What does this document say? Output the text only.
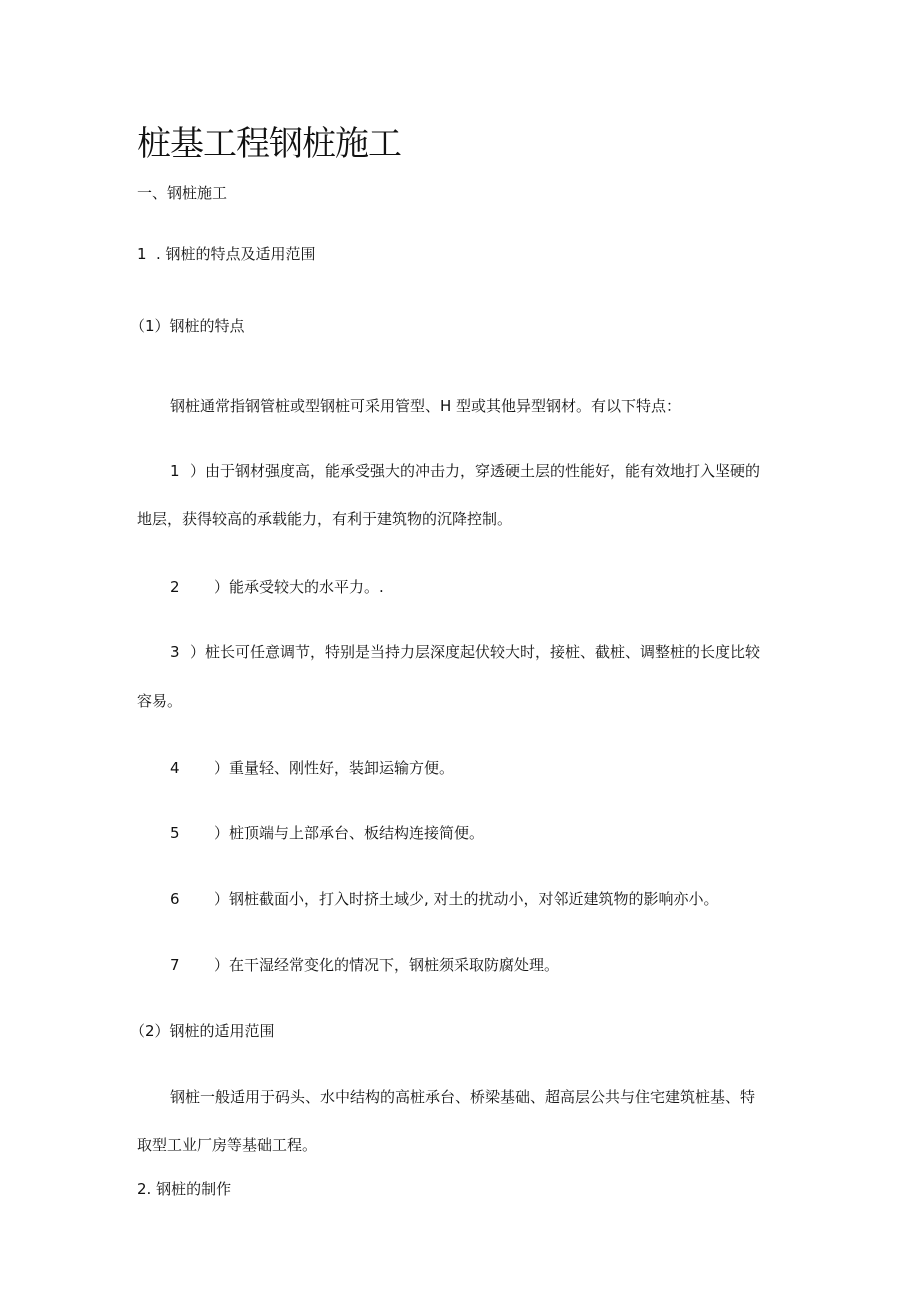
桩基工程钢桩施工
一、钢桩施工
1 . 钢桩的特点及适用范围
（1）钢桩的特点
钢桩通常指钢管桩或型钢桩可采用管型、H 型或其他异型钢材。有以下特点：
1 ）由于钢材强度高，能承受强大的冲击力，穿透硬土层的性能好，能有效地打入坚硬的
地层，获得较高的承载能力，有利于建筑物的沉降控制。
2 ）能承受较大的水平力。.
3 ）桩长可任意调节，特别是当持力层深度起伏较大时，接桩、截桩、调整桩的长度比较
容易。
4 ）重量轻、刚性好，装卸运输方便。
5 ）桩顶端与上部承台、板结构连接简便。
6 ）钢桩截面小，打入时挤土域少, 对土的扰动小，对邻近建筑物的影响亦小。
7 ）在干湿经常变化的情况下，钢桩须采取防腐处理。
（2）钢桩的适用范围
钢桩一般适用于码头、水中结构的高桩承台、桥梁基础、超高层公共与住宅建筑桩基、特
取型工业厂房等基础工程。
2. 钢桩的制作
